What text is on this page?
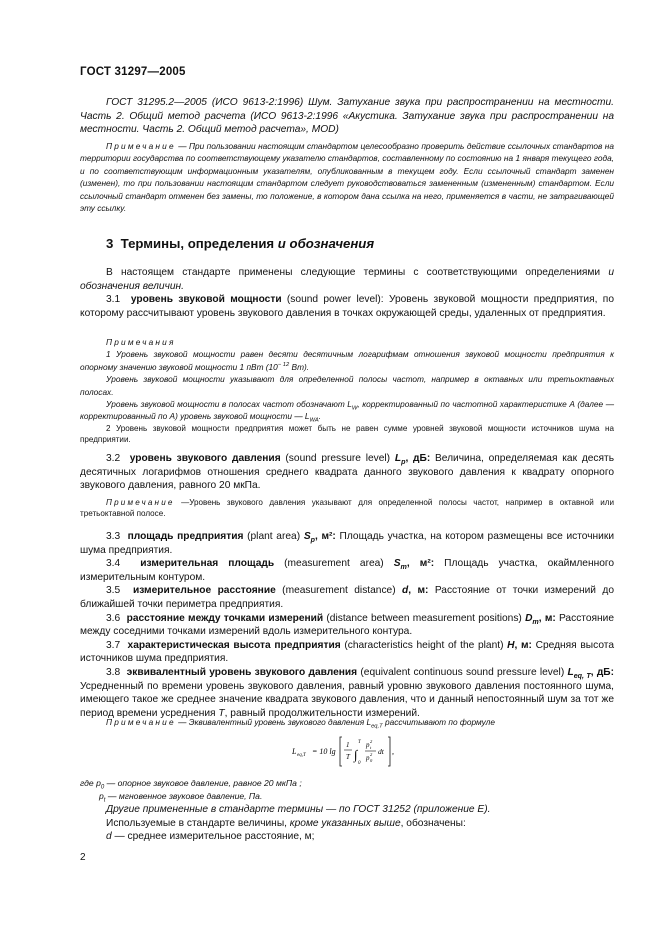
ГОСТ 31297—2005

ГОСТ 31295.2—2005 (ИСО 9613-2:1996) Шум. Затухание звука при распространении на местности. Часть 2. Общий метод расчета (ИСО 9613-2:1996 «Акустика. Затухание звука при распространении на местности. Часть 2. Общий метод расчета», MOD)

Примечание — При пользовании настоящим стандартом целесообразно проверить действие ссылочных стандартов на территории государства по соответствующему указателю стандартов, составленному по состоянию на 1 января текущего года, и по соответствующим информационным указателям, опубликованным в текущем году. Если ссылочный стандарт заменен (изменен), то при пользовании настоящим стандартом следует руководствоваться замененным (измененным) стандартом. Если ссылочный стандарт отменен без замены, то положение, в котором дана ссылка на него, применяется в части, не затрагивающей эту ссылку.

3 Термины, определения и обозначения

В настоящем стандарте применены следующие термины с соответствующими определениями и обозначения величин.

3.1 уровень звуковой мощности (sound power level): Уровень звуковой мощности предприятия, по которому рассчитывают уровень звукового давления в точках окружающей среды, удаленных от предприятия.

Примечания

1 Уровень звуковой мощности равен десяти десятичным логарифмам отношения звуковой мощности предприятия к опорному значению звуковой мощности 1 пВт ($10^{- 12}$ Вт).

Уровень звуковой мощности указывают для определенной полосы частот, например в октавных или третьоктавных полосах.

Уровень звуковой мощности в полосах частот обозначают $L_W$, корректированный по частотной характеристике А (далее — корректированный по А) уровень звуковой мощности — $L_{WA}$.

2 Уровень звуковой мощности предприятия может быть не равен сумме уровней звуковой мощности источников шума на предприятии.

3.2 уровень звукового давления (sound pressure level) $L_p$, дБ: Величина, определяемая как десять десятичных логарифмов отношения среднего квадрата данного звукового давления к квадрату опорного звукового давления, равного 20 мкПа.

Примечание —Уровень звукового давления указывают для определенной полосы частот, например в октавной или третьоктавной полосе.

3.3 площадь предприятия (plant area) $S_p$, м²: Площадь участка, на котором размещены все источники шума предприятия.

3.4 измерительная площадь (measurement area) $S_m$, м²: Площадь участка, окаймленного измерительным контуром.

3.5 измерительное расстояние (measurement distance) d, м: Расстояние от точки измерений до ближайшей точки периметра предприятия.

3.6 расстояние между точками измерений (distance between measurement positions) $D_m$, м: Расстояние между соседними точками измерений вдоль измерительного контура.

3.7 характеристическая высота предприятия (characteristics height of the plant) H, м: Средняя высота источников шума предприятия.

3.8 эквивалентный уровень звукового давления (equivalent continuous sound pressure level) $L_{eq, T}$, дБ: Усредненный по времени уровень звукового давления, равный уровню звукового давления постоянного шума, имеющего такое же среднее значение квадрата звукового давления, что и данный непостоянный шум за тот же период времени усреднения T, равный продолжительности измерений.

Примечание — Эквивалентный уровень звукового давления $L_{eq,T}$ рассчитывают по формуле

L eq,T = 10 lg
1
T ∫
T
0
p t
2
p 0
2 dt ,

где $p_0$ — опорное звуковое давление, равное 20 мкПа ;

$p_t$ — мгновенное звуковое давление, Па.

Другие примененные в стандарте термины — по ГОСТ 31252 (приложение Е).

Используемые в стандарте величины, кроме указанных выше, обозначены:

d — среднее измерительное расстояние, м;

2
